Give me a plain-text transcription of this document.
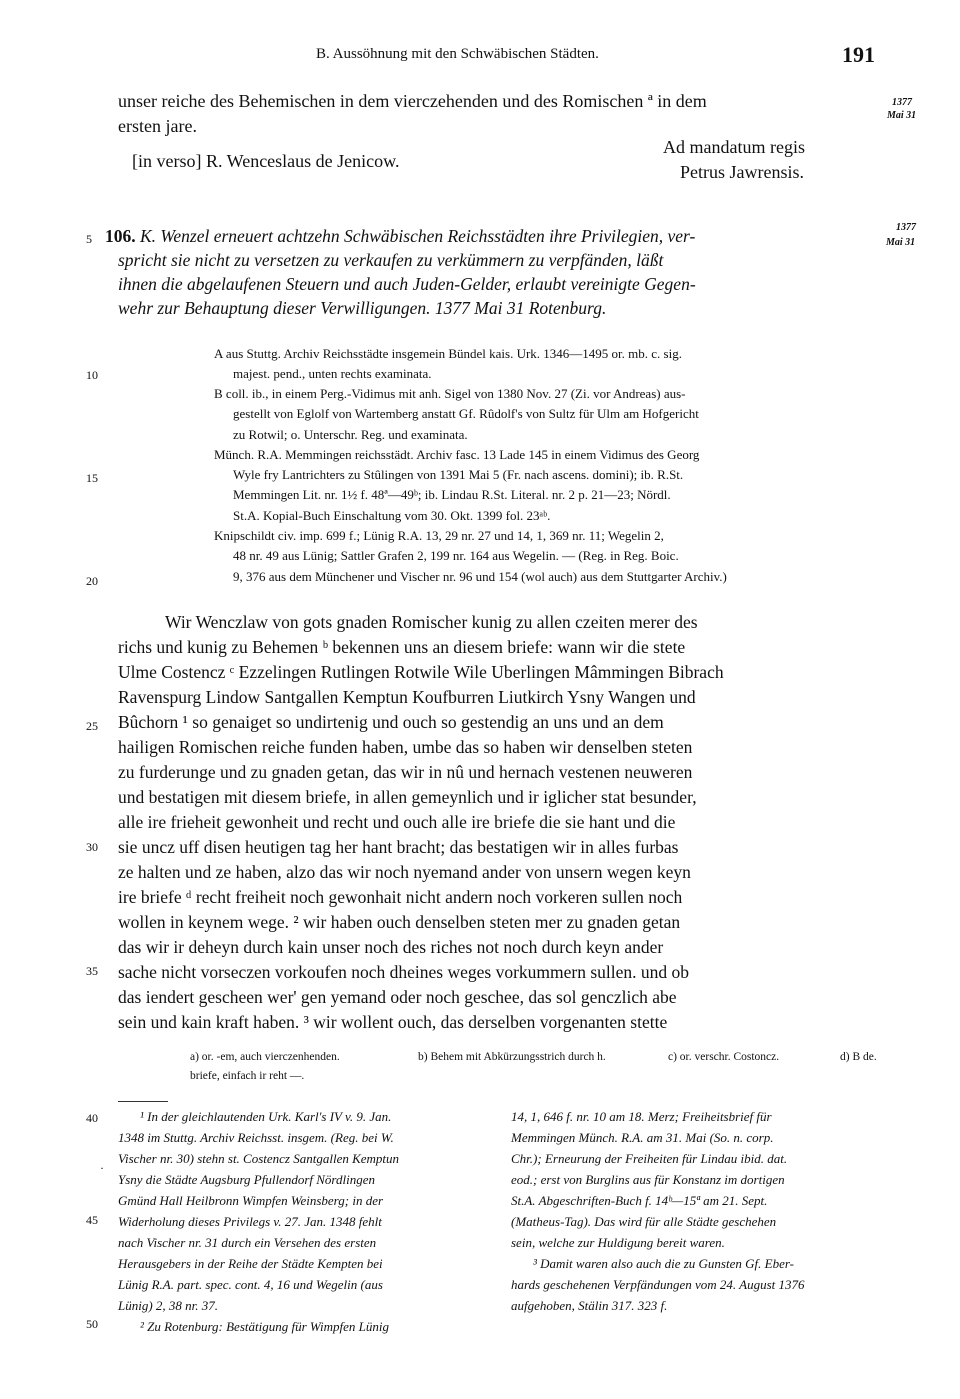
B. Aussöhnung mit den Schwäbischen Städten.	191
unser reiche des Behemischen in dem vierczehenden und des Romischen ª in dem
ersten jare.
[in verso] R. Wenceslaus de Jenicow.
Ad mandatum regis
Petrus Jawrensis.
1377
Mai 31
5
10
15
20
25
30
35
40
45
50
·
106. K. Wenzel erneuert achtzehn Schwäbischen Reichsstädten ihre Privilegien, ver-
spricht sie nicht zu versetzen zu verkaufen zu verkümmern zu verpfänden, läßt
ihnen die abgelaufenen Steuern und auch Juden-Gelder, erlaubt vereinigte Gegen-
wehr zur Behauptung dieser Verwilligungen. 1377 Mai 31 Rotenburg.
1377
Mai 31
A aus Stuttg. Archiv Reichsstädte insgemein Bündel kais. Urk. 1346—1495 or. mb. c. sig.
majest. pend., unten rechts examinata.
B coll. ib., in einem Perg.-Vidimus mit anh. Sigel von 1380 Nov. 27 (Zi. vor Andreas) aus-
gestellt von Eglolf von Wartemberg anstatt Gf. Rûdolf's von Sultz für Ulm am Hofgericht
zu Rotwil; o. Unterschr. Reg. und examinata.
Münch. R.A. Memmingen reichsstädt. Archiv fasc. 13 Lade 145 in einem Vidimus des Georg
Wyle fry Lantrichters zu Stûlingen von 1391 Mai 5 (Fr. nach ascens. domini); ib. R.St.
Memmingen Lit. nr. 1½ f. 48ª—49ᵇ; ib. Lindau R.St. Literal. nr. 2 p. 21—23; Nördl.
St.A. Kopial-Buch Einschaltung vom 30. Okt. 1399 fol. 23ᵃᵇ.
Knipschildt civ. imp. 699 f.; Lünig R.A. 13, 29 nr. 27 und 14, 1, 369 nr. 11; Wegelin 2,
48 nr. 49 aus Lünig; Sattler Grafen 2, 199 nr. 164 aus Wegelin. — (Reg. in Reg. Boic.
9, 376 aus dem Münchener und Vischer nr. 96 und 154 (wol auch) aus dem Stuttgarter Archiv.)
Wir Wenczlaw von gots gnaden Romischer kunig zu allen czeiten merer des
richs und kunig zu Behemen ᵇ bekennen uns an diesem briefe: wann wir die stete
Ulme Costencz ᶜ Ezzelingen Rutlingen Rotwile Wile Uberlingen Mâmmingen Bibrach
Ravenspurg Lindow Santgallen Kemptun Koufburren Liutkirch Ysny Wangen und
Bûchorn ¹ so genaiget so undirtenig und ouch so gestendig an uns und an dem
hailigen Romischen reiche funden haben, umbe das so haben wir denselben steten
zu furderunge und zu gnaden getan, das wir in nû und hernach vestenen neuweren
und bestatigen mit diesem briefe, in allen gemeynlich und ir iglicher stat besunder,
alle ire frieheit gewonheit und recht und ouch alle ire briefe die sie hant und die
sie uncz uff disen heutigen tag her hant bracht; das bestatigen wir in alles furbas
ze halten und ze haben, alzo das wir noch nyemand ander von unsern wegen keyn
ire briefe ᵈ recht freiheit noch gewonhait nicht andern noch vorkeren sullen noch
wollen in keynem wege. ² wir haben ouch denselben steten mer zu gnaden getan
das wir ir deheyn durch kain unser noch des riches not noch durch keyn ander
sache nicht vorseczen vorkoufen noch dheines weges vorkummern sullen. und ob
das iendert gescheen wer' gen yemand oder noch geschee, das sol genczlich abe
sein und kain kraft haben. ³ wir wollent ouch, das derselben vorgenanten stette
a) or. -em, auch vierczenhenden.	b) Behem mit Abkürzungsstrich durch h.	c) or. verschr. Costoncz.	d) B de.
briefe, einfach ir reht —.
¹ In der gleichlautenden Urk. Karl's IV v. 9. Jan.
1348 im Stuttg. Archiv Reichsst. insgem. (Reg. bei W.
Vischer nr. 30) stehn st. Costencz Santgallen Kemptun
Ysny die Städte Augsburg Pfullendorf Nördlingen
Gmünd Hall Heilbronn Wimpfen Weinsberg; in der
Widerholung dieses Privilegs v. 27. Jan. 1348 fehlt
nach Vischer nr. 31 durch ein Versehen des ersten
Herausgebers in der Reihe der Städte Kempten bei
Lünig R.A. part. spec. cont. 4, 16 und Wegelin (aus
Lünig) 2, 38 nr. 37.
² Zu Rotenburg: Bestätigung für Wimpfen Lünig
14, 1, 646 f. nr. 10 am 18. Merz; Freiheitsbrief für
Memmingen Münch. R.A. am 31. Mai (So. n. corp.
Chr.); Erneurung der Freiheiten für Lindau ibid. dat.
eod.; erst von Burglins aus für Konstanz im dortigen
St.A. Abgeschriften-Buch f. 14ᵇ—15ª am 21. Sept.
(Matheus-Tag). Das wird für alle Städte geschehen
sein, welche zur Huldigung bereit waren.
³ Damit waren also auch die zu Gunsten Gf. Eber-
hards geschehenen Verpfändungen vom 24. August 1376
aufgehoben, Stälin 317. 323 f.
